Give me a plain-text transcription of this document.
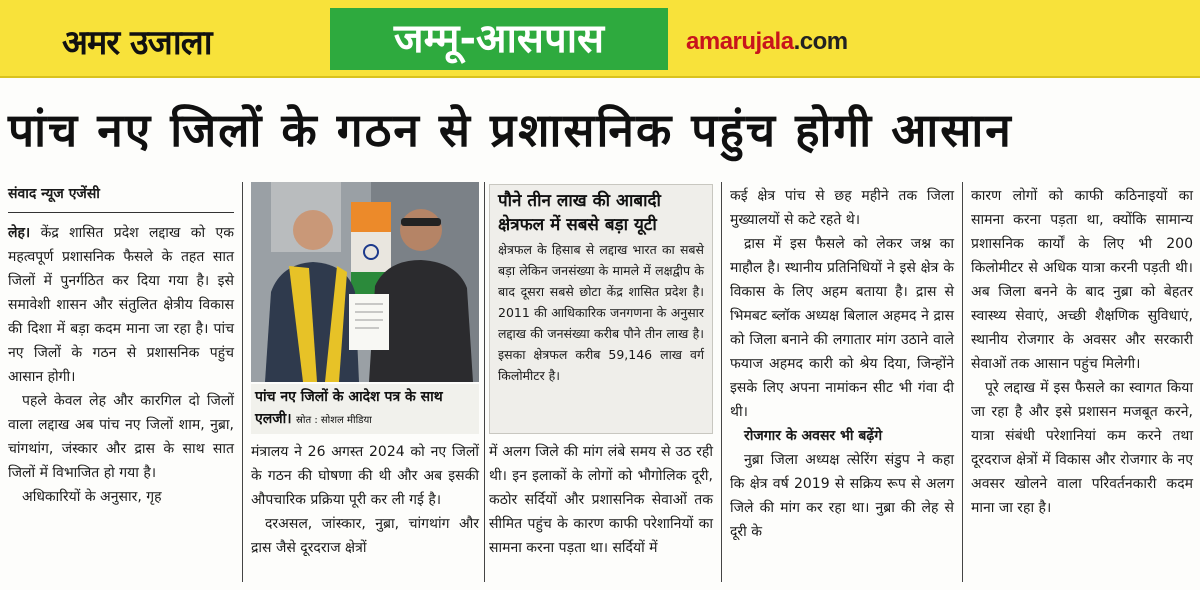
अमर उजाला	जम्मू-आसपास	amarujala.com
पांच नए जिलों के गठन से प्रशासनिक पहुंच होगी आसान

संवाद न्यूज एजेंसी

लेह। केंद्र शासित प्रदेश लद्दाख को एक महत्वपूर्ण प्रशासनिक फैसले के तहत सात जिलों में पुनर्गठित कर दिया गया है। इसे समावेशी शासन और संतुलित क्षेत्रीय विकास की दिशा में बड़ा कदम माना जा रहा है। पांच नए जिलों के गठन से प्रशासनिक पहुंच आसान होगी।

पहले केवल लेह और कारगिल दो जिलों वाला लद्दाख अब पांच नए जिलों शाम, नुब्रा, चांगथांग, जंस्कार और द्रास के साथ सात जिलों में विभाजित हो गया है।

अधिकारियों के अनुसार, गृह

पांच नए जिलों के आदेश पत्र के साथ एलजी। स्रोत : सोशल मीडिया

मंत्रालय ने 26 अगस्त 2024 को नए जिलों के गठन की घोषणा की थी और अब इसकी औपचारिक प्रक्रिया पूरी कर ली गई है।

दरअसल, जांस्कार, नुब्रा, चांगथांग और द्रास जैसे दूरदराज क्षेत्रों

पौने तीन लाख की आबादी क्षेत्रफल में सबसे बड़ा यूटी

क्षेत्रफल के हिसाब से लद्दाख भारत का सबसे बड़ा लेकिन जनसंख्या के मामले में लक्षद्वीप के बाद दूसरा सबसे छोटा केंद्र शासित प्रदेश है। 2011 की आधिकारिक जनगणना के अनुसार लद्दाख की जनसंख्या करीब पौने तीन लाख है। इसका क्षेत्रफल करीब 59,146 लाख वर्ग किलोमीटर है।

में अलग जिले की मांग लंबे समय से उठ रही थी। इन इलाकों के लोगों को भौगोलिक दूरी, कठोर सर्दियों और प्रशासनिक सेवाओं तक सीमित पहुंच के कारण काफी परेशानियों का सामना करना पड़ता था। सर्दियों में

कई क्षेत्र पांच से छह महीने तक जिला मुख्यालयों से कटे रहते थे।

द्रास में इस फैसले को लेकर जश्न का माहौल है। स्थानीय प्रतिनिधियों ने इसे क्षेत्र के विकास के लिए अहम बताया है। द्रास से भिमबट ब्लॉक अध्यक्ष बिलाल अहमद ने द्रास को जिला बनाने की लगातार मांग उठाने वाले फयाज अहमद कारी को श्रेय दिया, जिन्होंने इसके लिए अपना नामांकन सीट भी गंवा दी थी।

रोजगार के अवसर भी बढ़ेंगे

नुब्रा जिला अध्यक्ष त्सेरिंग संडुप ने कहा कि क्षेत्र वर्ष 2019 से सक्रिय रूप से अलग जिले की मांग कर रहा था। नुब्रा की लेह से दूरी के

कारण लोगों को काफी कठिनाइयों का सामना करना पड़ता था, क्योंकि सामान्य प्रशासनिक कार्यों के लिए भी 200 किलोमीटर से अधिक यात्रा करनी पड़ती थी। अब जिला बनने के बाद नुब्रा को बेहतर स्वास्थ्य सेवाएं, अच्छी शैक्षणिक सुविधाएं, स्थानीय रोजगार के अवसर और सरकारी सेवाओं तक आसान पहुंच मिलेगी।

पूरे लद्दाख में इस फैसले का स्वागत किया जा रहा है और इसे प्रशासन मजबूत करने, यात्रा संबंधी परेशानियां कम करने तथा दूरदराज क्षेत्रों में विकास और रोजगार के नए अवसर खोलने वाला परिवर्तनकारी कदम माना जा रहा है।
